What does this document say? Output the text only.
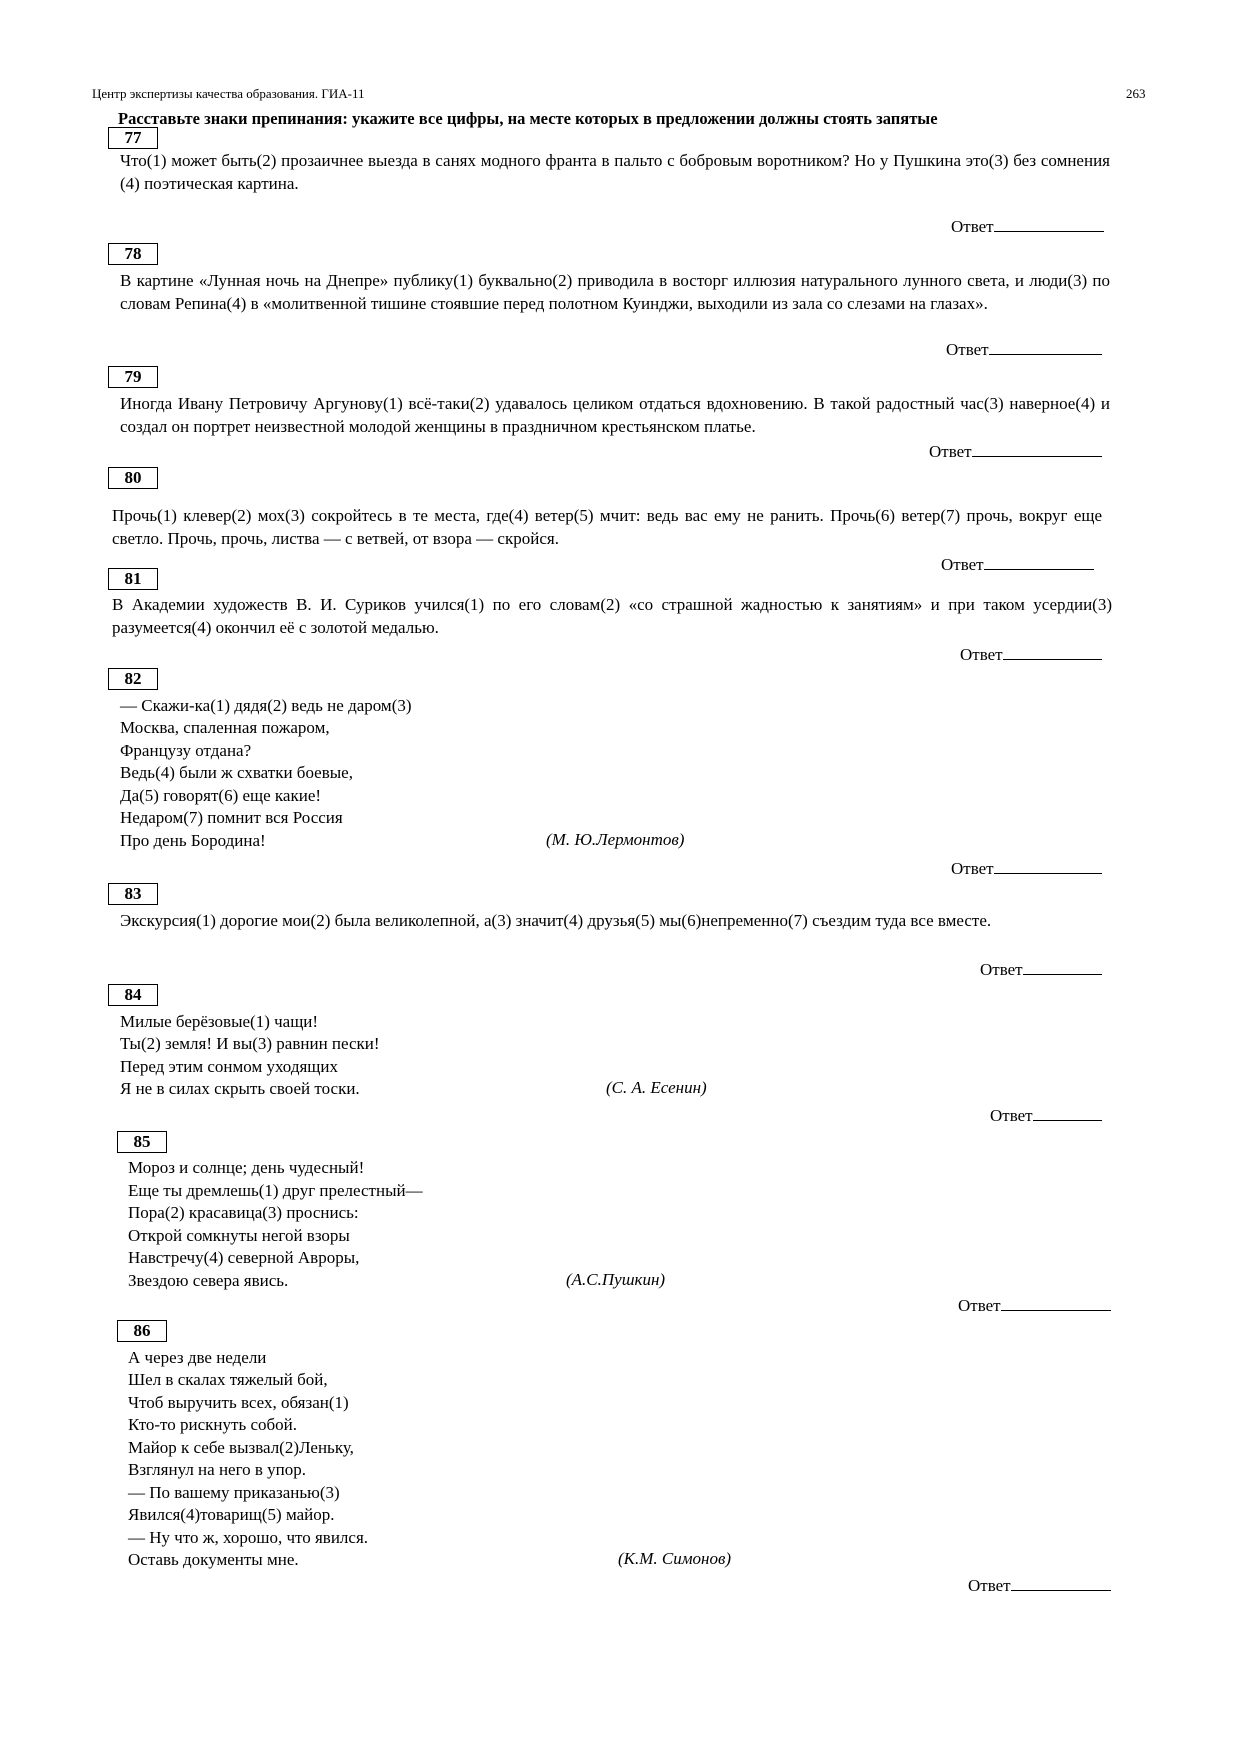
Центр экспертизы качества образования. ГИА-11	263
Расставьте знаки препинания: укажите все цифры, на месте которых в предложении должны стоять запятые
77
Что(1) может быть(2) прозаичнее выезда в санях модного франта в пальто с бобровым воротником? Но у Пушкина это(3) без сомнения (4) поэтическая картина.
Ответ
78
В картине «Лунная ночь на Днепре» публику(1) буквально(2) приводила в восторг иллюзия натурального лунного света, и люди(3) по словам Репина(4) в «молитвенной тишине стоявшие перед полотном Куинджи, выходили из зала со слезами на глазах».
Ответ
79
Иногда Ивану Петровичу Аргунову(1) всё-таки(2) удавалось целиком отдаться вдохновению. В такой радостный час(3) наверное(4) и создал он портрет неизвестной молодой женщины в праздничном крестьянском платье.
Ответ
80
Прочь(1) клевер(2) мох(3) сокройтесь в те места, где(4) ветер(5) мчит: ведь вас ему не ранить. Прочь(6) ветер(7) прочь, вокруг еще светло. Прочь, прочь, листва — с ветвей, от взора — скройся.
Ответ
81
В Академии художеств В. И. Суриков учился(1) по его словам(2) «со страшной жадностью к занятиям» и при таком усердии(3) разумеется(4) окончил её с золотой медалью.
Ответ
82
— Скажи-ка(1) дядя(2) ведь не даром(3)
Москва, спаленная пожаром,
Французу отдана?
Ведь(4) были ж схватки боевые,
Да(5) говорят(6) еще какие!
Недаром(7) помнит вся Россия
Про день Бородина!	(М. Ю.Лермонтов)
Ответ
83
Экскурсия(1) дорогие мои(2) была великолепной, а(3) значит(4) друзья(5) мы(6)непременно(7) съездим туда все вместе.
Ответ
84
Милые берёзовые(1) чащи!
Ты(2) земля! И вы(3) равнин пески!
Перед этим сонмом уходящих
Я не в силах скрыть своей тоски.	(С. А. Есенин)
Ответ
85
Мороз и солнце; день чудесный!
Еще ты дремлешь(1) друг прелестный—
Пора(2) красавица(3) проснись:
Открой сомкнуты негой взоры
Навстречу(4) северной Авроры,
Звездою севера явись.	(А.С.Пушкин)
Ответ
86
А через две недели
Шел в скалах тяжелый бой,
Чтоб выручить всех, обязан(1)
Кто-то рискнуть собой.
Майор к себе вызвал(2)Леньку,
Взглянул на него в упор.
— По вашему приказанью(3)
Явился(4)товарищ(5) майор.
— Ну что ж, хорошо, что явился.
Оставь документы мне.	(К.М. Симонов)
Ответ
